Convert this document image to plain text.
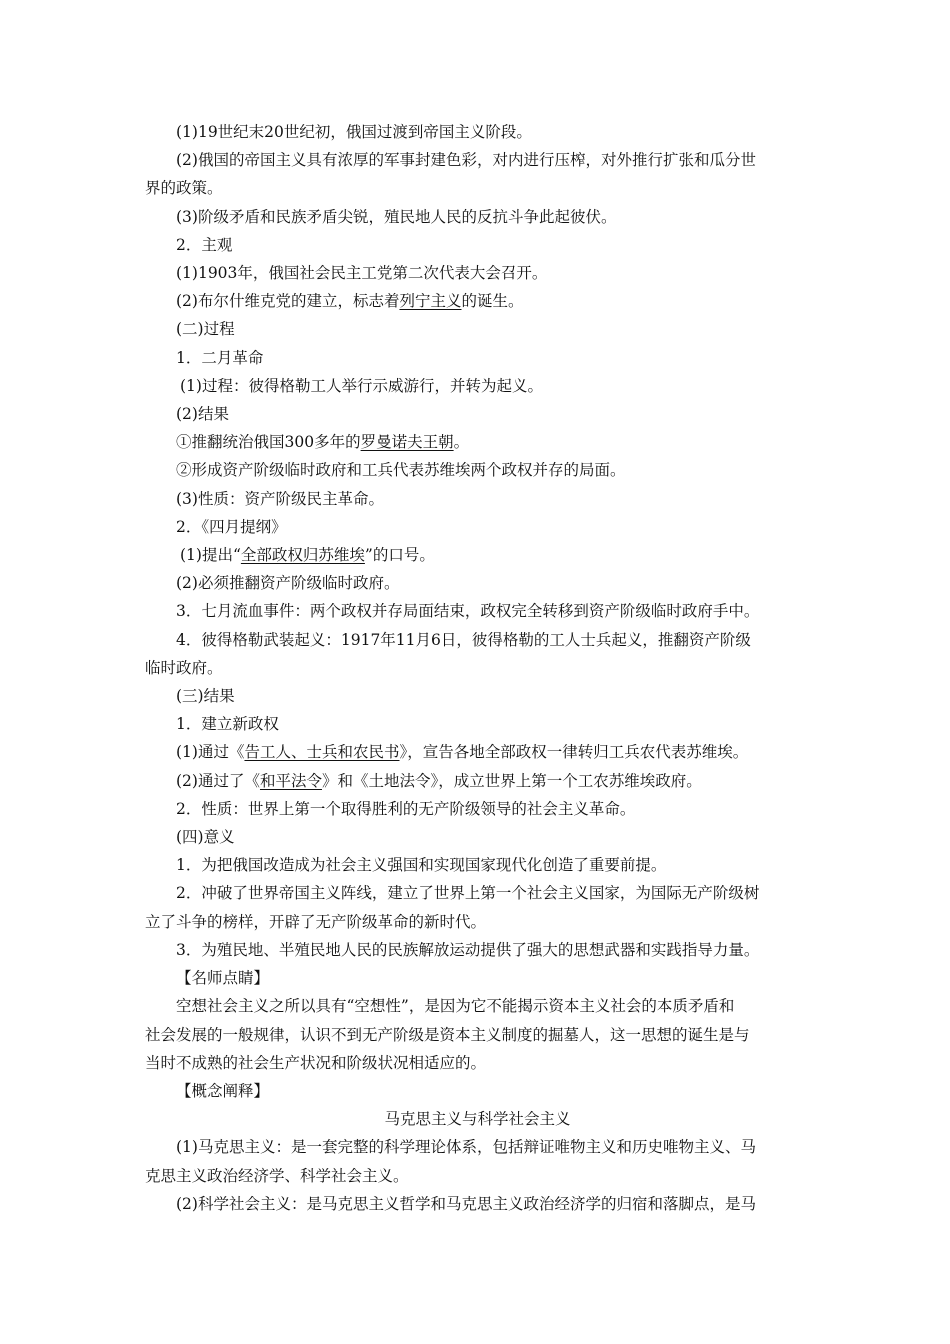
(1)19世纪末20世纪初，俄国过渡到帝国主义阶段。
(2)俄国的帝国主义具有浓厚的军事封建色彩，对内进行压榨，对外推行扩张和瓜分世
界的政策。
(3)阶级矛盾和民族矛盾尖锐，殖民地人民的反抗斗争此起彼伏。
2．主观
(1)1903年，俄国社会民主工党第二次代表大会召开。
(2)布尔什维克党的建立，标志着列宁主义的诞生。
(二)过程
1．二月革命
(1)过程：彼得格勒工人举行示威游行，并转为起义。
(2)结果
①推翻统治俄国300多年的罗曼诺夫王朝。
②形成资产阶级临时政府和工兵代表苏维埃两个政权并存的局面。
(3)性质：资产阶级民主革命。
2．《四月提纲》
(1)提出“全部政权归苏维埃”的口号。
(2)必须推翻资产阶级临时政府。
3．七月流血事件：两个政权并存局面结束，政权完全转移到资产阶级临时政府手中。
4．彼得格勒武装起义：1917年11月6日，彼得格勒的工人士兵起义，推翻资产阶级
临时政府。
(三)结果
1．建立新政权
(1)通过《告工人、士兵和农民书》，宣告各地全部政权一律转归工兵农代表苏维埃。
(2)通过了《和平法令》和《土地法令》，成立世界上第一个工农苏维埃政府。
2．性质：世界上第一个取得胜利的无产阶级领导的社会主义革命。
(四)意义
1．为把俄国改造成为社会主义强国和实现国家现代化创造了重要前提。
2．冲破了世界帝国主义阵线，建立了世界上第一个社会主义国家，为国际无产阶级树
立了斗争的榜样，开辟了无产阶级革命的新时代。
3．为殖民地、半殖民地人民的民族解放运动提供了强大的思想武器和实践指导力量。
【名师点睛】
空想社会主义之所以具有“空想性”，是因为它不能揭示资本主义社会的本质矛盾和
社会发展的一般规律，认识不到无产阶级是资本主义制度的掘墓人，这一思想的诞生是与
当时不成熟的社会生产状况和阶级状况相适应的。
【概念阐释】
马克思主义与科学社会主义
(1)马克思主义：是一套完整的科学理论体系，包括辩证唯物主义和历史唯物主义、马
克思主义政治经济学、科学社会主义。
(2)科学社会主义：是马克思主义哲学和马克思主义政治经济学的归宿和落脚点，是马
